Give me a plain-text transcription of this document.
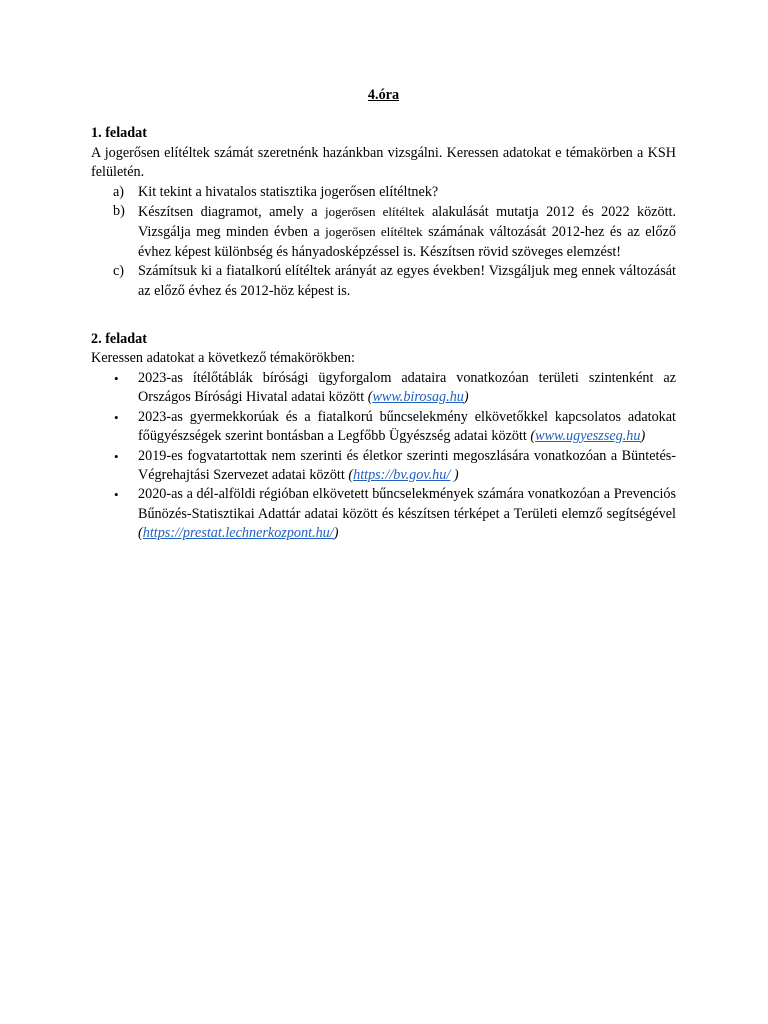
4.óra

1. feladat

A jogerősen elítéltek számát szeretnénk hazánkban vizsgálni. Keressen adatokat e témakörben a KSH felületén.

a) Kit tekint a hivatalos statisztika jogerősen elítéltnek?
b) Készítsen diagramot, amely a jogerősen elítéltek alakulását mutatja 2012 és 2022 között. Vizsgálja meg minden évben a jogerősen elítéltek számának változását 2012-hez és az előző évhez képest különbség és hányadosképzéssel is. Készítsen rövid szöveges elemzést!
c) Számítsuk ki a fiatalkorú elítéltek arányát az egyes években! Vizsgáljuk meg ennek változását az előző évhez és 2012-höz képest is.

2. feladat

Keressen adatokat a következő témakörökben:

• 2023-as ítélőtáblák bírósági ügyforgalom adataira vonatkozóan területi szintenként az Országos Bírósági Hivatal adatai között (www.birosag.hu)
• 2023-as gyermekkorúak és a fiatalkorú bűncselekmény elkövetőkkel kapcsolatos adatokat főügyészségek szerint bontásban a Legfőbb Ügyészség adatai között (www.ugyeszseg.hu)
• 2019-es fogvatartottak nem szerinti és életkor szerinti megoszlására vonatkozóan a Büntetés-Végrehajtási Szervezet adatai között (https://bv.gov.hu/ )
• 2020-as a dél-alföldi régióban elkövetett bűncselekmények számára vonatkozóan a Prevenciós Bűnözés-Statisztikai Adattár adatai között és készítsen térképet a Területi elemző segítségével (https://prestat.lechnerkozpont.hu/)
